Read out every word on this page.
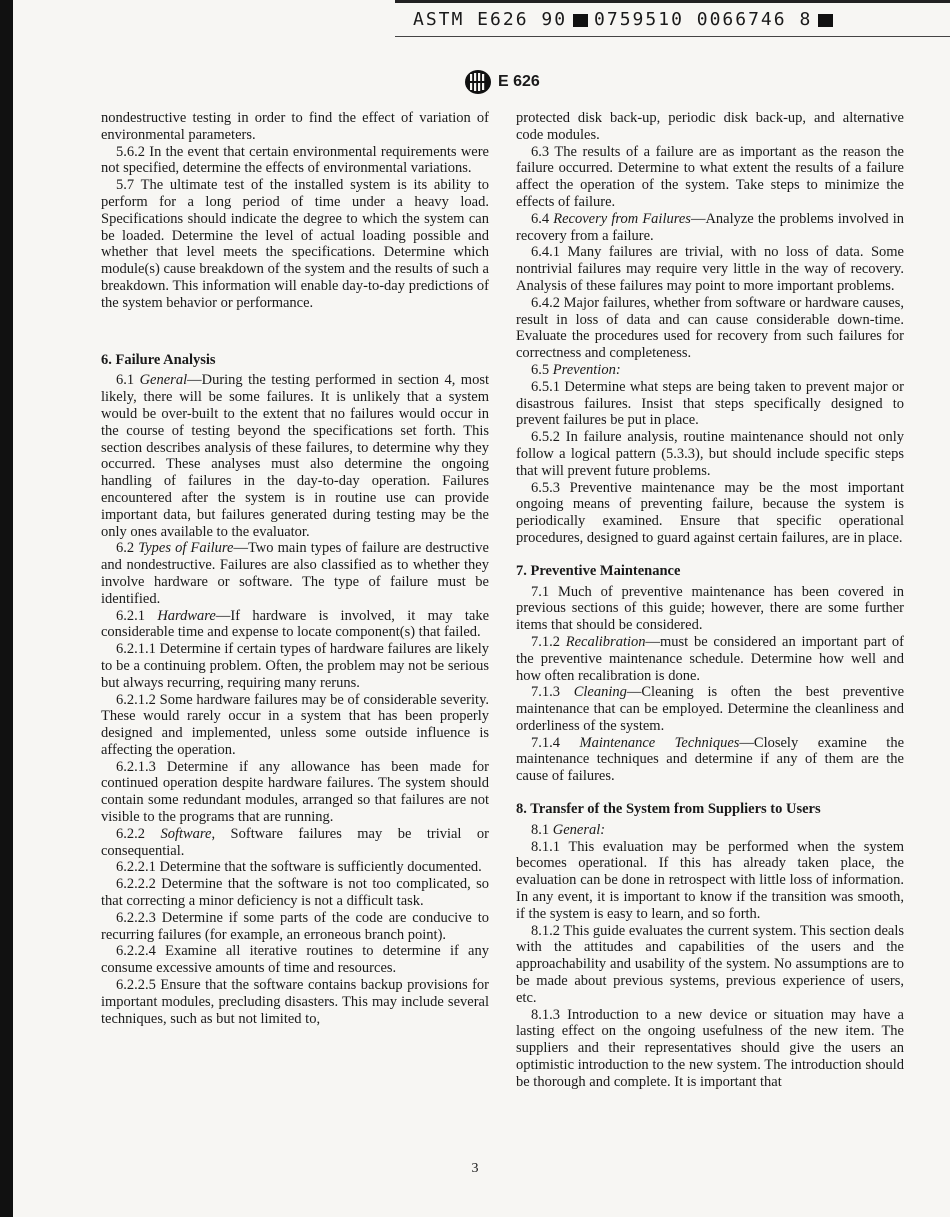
ASTM E626 90 0759510 0066746 8
E 626

nondestructive testing in order to find the effect of variation of environmental parameters.

5.6.2 In the event that certain environmental requirements were not specified, determine the effects of environmental variations.

5.7 The ultimate test of the installed system is its ability to perform for a long period of time under a heavy load. Specifications should indicate the degree to which the system can be loaded. Determine the level of actual loading possible and whether that level meets the specifications. Determine which module(s) cause breakdown of the system and the results of such a breakdown. This information will enable day-to-day predictions of the system behavior or performance.

6. Failure Analysis

6.1 General—During the testing performed in section 4, most likely, there will be some failures. It is unlikely that a system would be over-built to the extent that no failures would occur in the course of testing beyond the specifications set forth. This section describes analysis of these failures, to determine why they occurred. These analyses must also determine the ongoing handling of failures in the day-to-day operation. Failures encountered after the system is in routine use can provide important data, but failures generated during testing may be the only ones available to the evaluator.

6.2 Types of Failure—Two main types of failure are destructive and nondestructive. Failures are also classified as to whether they involve hardware or software. The type of failure must be identified.

6.2.1 Hardware—If hardware is involved, it may take considerable time and expense to locate component(s) that failed.

6.2.1.1 Determine if certain types of hardware failures are likely to be a continuing problem. Often, the problem may not be serious but always recurring, requiring many reruns.

6.2.1.2 Some hardware failures may be of considerable severity. These would rarely occur in a system that has been properly designed and implemented, unless some outside influence is affecting the operation.

6.2.1.3 Determine if any allowance has been made for continued operation despite hardware failures. The system should contain some redundant modules, arranged so that failures are not visible to the programs that are running.

6.2.2 Software, Software failures may be trivial or consequential.

6.2.2.1 Determine that the software is sufficiently documented.

6.2.2.2 Determine that the software is not too complicated, so that correcting a minor deficiency is not a difficult task.

6.2.2.3 Determine if some parts of the code are conducive to recurring failures (for example, an erroneous branch point).

6.2.2.4 Examine all iterative routines to determine if any consume excessive amounts of time and resources.

6.2.2.5 Ensure that the software contains backup provisions for important modules, precluding disasters. This may include several techniques, such as but not limited to,

protected disk back-up, periodic disk back-up, and alternative code modules.

6.3 The results of a failure are as important as the reason the failure occurred. Determine to what extent the results of a failure affect the operation of the system. Take steps to minimize the effects of failure.

6.4 Recovery from Failures—Analyze the problems involved in recovery from a failure.

6.4.1 Many failures are trivial, with no loss of data. Some nontrivial failures may require very little in the way of recovery. Analysis of these failures may point to more important problems.

6.4.2 Major failures, whether from software or hardware causes, result in loss of data and can cause considerable down-time. Evaluate the procedures used for recovery from such failures for correctness and completeness.

6.5 Prevention:

6.5.1 Determine what steps are being taken to prevent major or disastrous failures. Insist that steps specifically designed to prevent failures be put in place.

6.5.2 In failure analysis, routine maintenance should not only follow a logical pattern (5.3.3), but should include specific steps that will prevent future problems.

6.5.3 Preventive maintenance may be the most important ongoing means of preventing failure, because the system is periodically examined. Ensure that specific operational procedures, designed to guard against certain failures, are in place.

7. Preventive Maintenance

7.1 Much of preventive maintenance has been covered in previous sections of this guide; however, there are some further items that should be considered.

7.1.2 Recalibration—must be considered an important part of the preventive maintenance schedule. Determine how well and how often recalibration is done.

7.1.3 Cleaning—Cleaning is often the best preventive maintenance that can be employed. Determine the cleanliness and orderliness of the system.

7.1.4 Maintenance Techniques—Closely examine the maintenance techniques and determine if any of them are the cause of failures.

8. Transfer of the System from Suppliers to Users

8.1 General:

8.1.1 This evaluation may be performed when the system becomes operational. If this has already taken place, the evaluation can be done in retrospect with little loss of information. In any event, it is important to know if the transition was smooth, if the system is easy to learn, and so forth.

8.1.2 This guide evaluates the current system. This section deals with the attitudes and capabilities of the users and the approachability and usability of the system. No assumptions are to be made about previous systems, previous experience of users, etc.

8.1.3 Introduction to a new device or situation may have a lasting effect on the ongoing usefulness of the new item. The suppliers and their representatives should give the users an optimistic introduction to the new system. The introduction should be thorough and complete. It is important that

3
